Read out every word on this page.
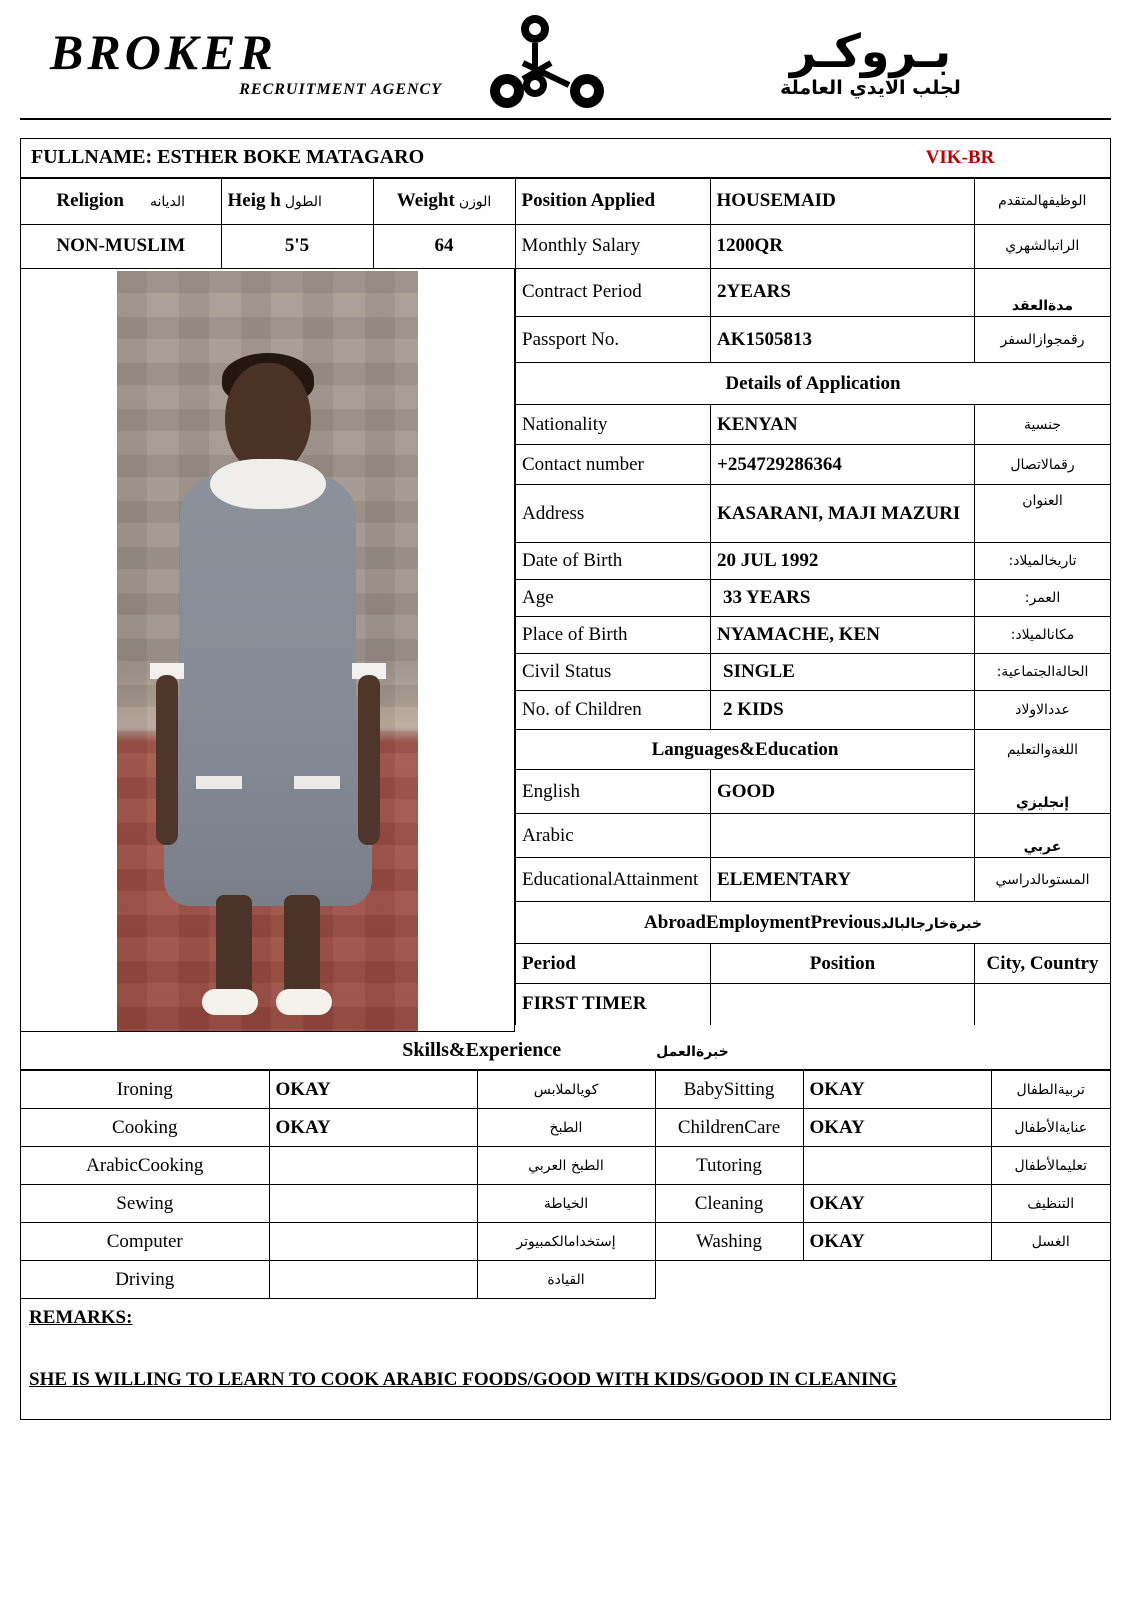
BROKER
RECRUITMENT AGENCY
بـروكـر
لجلب الايدي العاملة
FULLNAME: ESTHER BOKE MATAGARO	VIK-BR
Religion الديانه	Heig h الطول	Weight الوزن	Position Applied	HOUSEMAID	الوظيفهالمتقدم
NON-MUSLIM	5'5	64	Monthly Salary	1200QR	الراتبالشهري
Contract Period	2YEARS	مدةالعقد
Passport No.	AK1505813	رقمجوازالسفر
Details of Application		
Nationality	KENYAN	جنسية
Contact number	+254729286364	رقمالاتصال
Address	KASARANI, MAJI MAZURI	العنوان
Date of Birth	20 JUL 1992	تاريخالميلاد:
Age	33 YEARS	العمر:
Place of Birth	NYAMACHE, KEN	مكانالميلاد:
Civil Status	SINGLE	الحالةالجتماعية:
No. of Children	2 KIDS	عددالاولاد
Languages&Education		اللغةوالتعليم
English	GOOD	إنجليزي
Arabic		عربي
EducationalAttainment	ELEMENTARY	المستوىالدراسي
AbroadEmploymentPreviousخبرةخارجالبالد		
Period	Position	City, Country
FIRST TIMER		
Skills&Experience	خبرةالعمل
Ironing	OKAY	كويالملابس	BabySitting	OKAY	تربيةالطفال
Cooking	OKAY	الطبخ	ChildrenCare	OKAY	عنايةالأطفال
ArabicCooking		الطبخ العربي	Tutoring		تعليمالأطفال
Sewing		الخياطة	Cleaning	OKAY	التنظيف
Computer		إستخدامالكمبيوتر	Washing	OKAY	الغسل
Driving		القيادة			
REMARKS:
SHE IS WILLING TO LEARN TO COOK ARABIC FOODS/GOOD WITH KIDS/GOOD IN CLEANING
